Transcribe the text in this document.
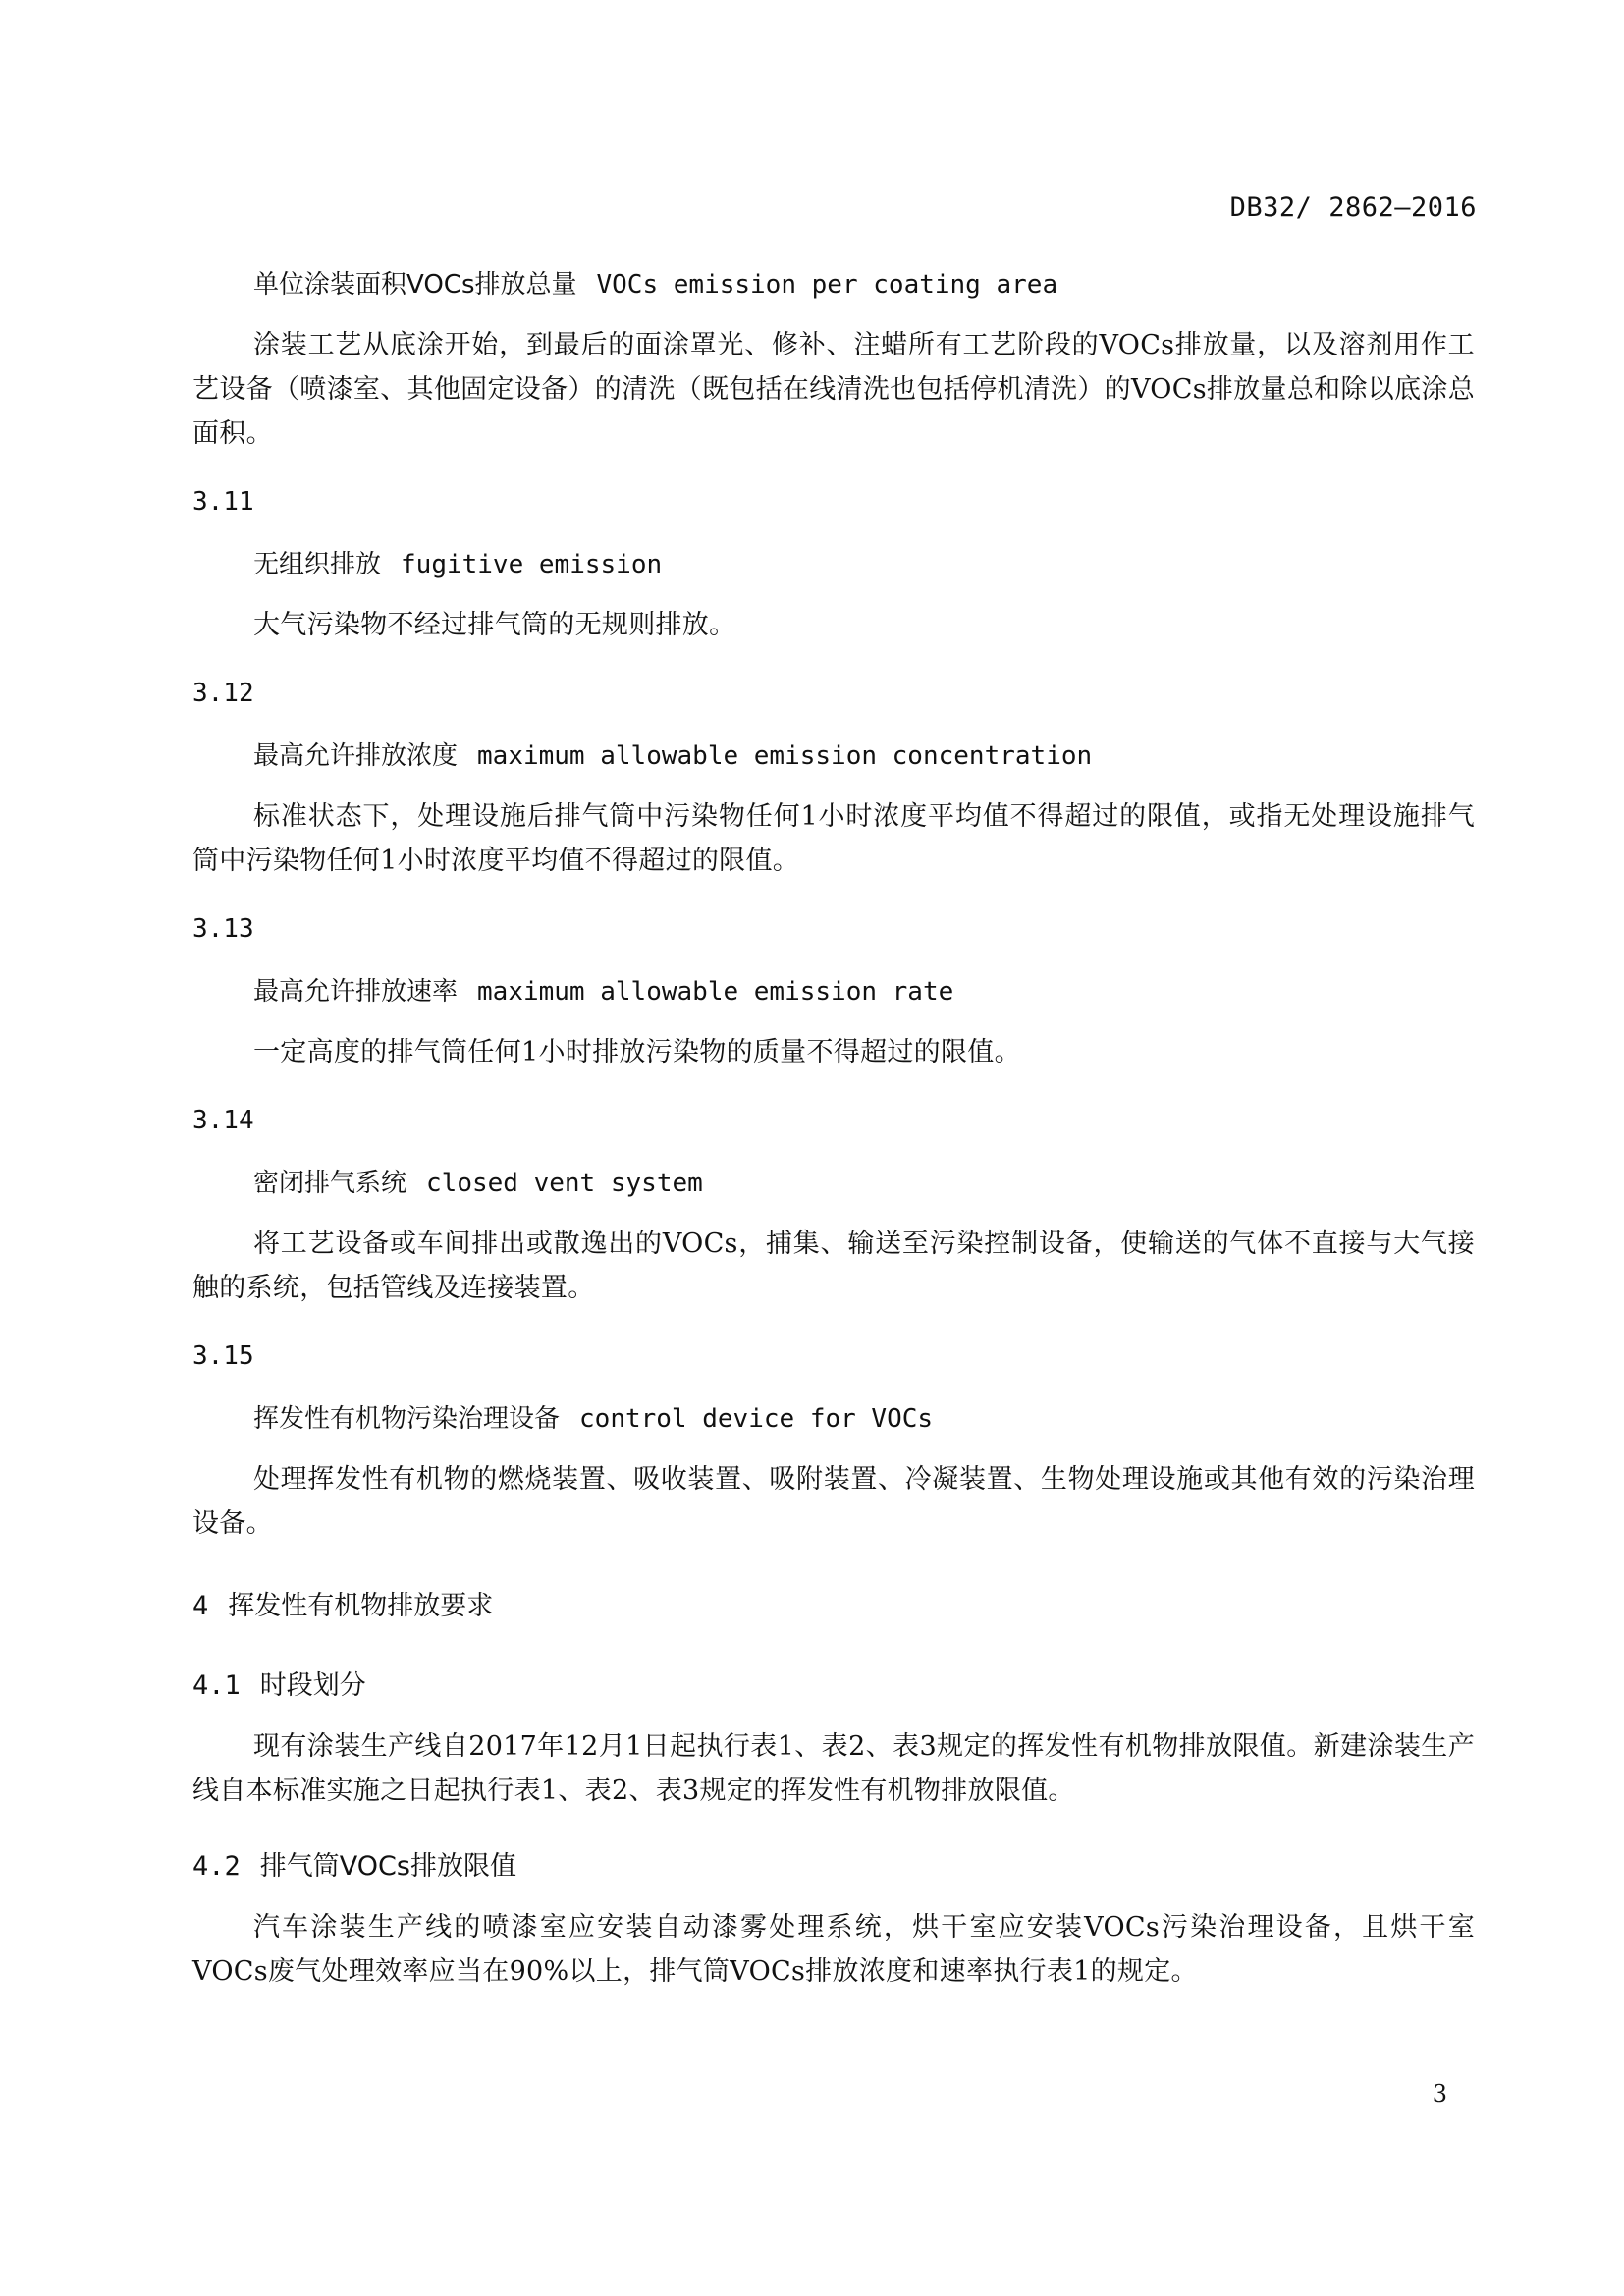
DB32/ 2862—2016
单位涂装面积VOCs排放总量 VOCs emission per coating area

涂装工艺从底涂开始，到最后的面涂罩光、修补、注蜡所有工艺阶段的VOCs排放量，以及溶剂用作工艺设备（喷漆室、其他固定设备）的清洗（既包括在线清洗也包括停机清洗）的VOCs排放量总和除以底涂总面积。

3.11
无组织排放 fugitive emission

大气污染物不经过排气筒的无规则排放。

3.12
最高允许排放浓度 maximum allowable emission concentration

标准状态下，处理设施后排气筒中污染物任何1小时浓度平均值不得超过的限值，或指无处理设施排气筒中污染物任何1小时浓度平均值不得超过的限值。

3.13
最高允许排放速率 maximum allowable emission rate

一定高度的排气筒任何1小时排放污染物的质量不得超过的限值。

3.14
密闭排气系统 closed vent system

将工艺设备或车间排出或散逸出的VOCs，捕集、输送至污染控制设备，使输送的气体不直接与大气接触的系统，包括管线及连接装置。

3.15
挥发性有机物污染治理设备 control device for VOCs

处理挥发性有机物的燃烧装置、吸收装置、吸附装置、冷凝装置、生物处理设施或其他有效的污染治理设备。

4 挥发性有机物排放要求
4.1 时段划分

现有涂装生产线自2017年12月1日起执行表1、表2、表3规定的挥发性有机物排放限值。新建涂装生产线自本标准实施之日起执行表1、表2、表3规定的挥发性有机物排放限值。

4.2 排气筒VOCs排放限值

汽车涂装生产线的喷漆室应安装自动漆雾处理系统，烘干室应安装VOCs污染治理设备，且烘干室VOCs废气处理效率应当在90%以上，排气筒VOCs排放浓度和速率执行表1的规定。

3
